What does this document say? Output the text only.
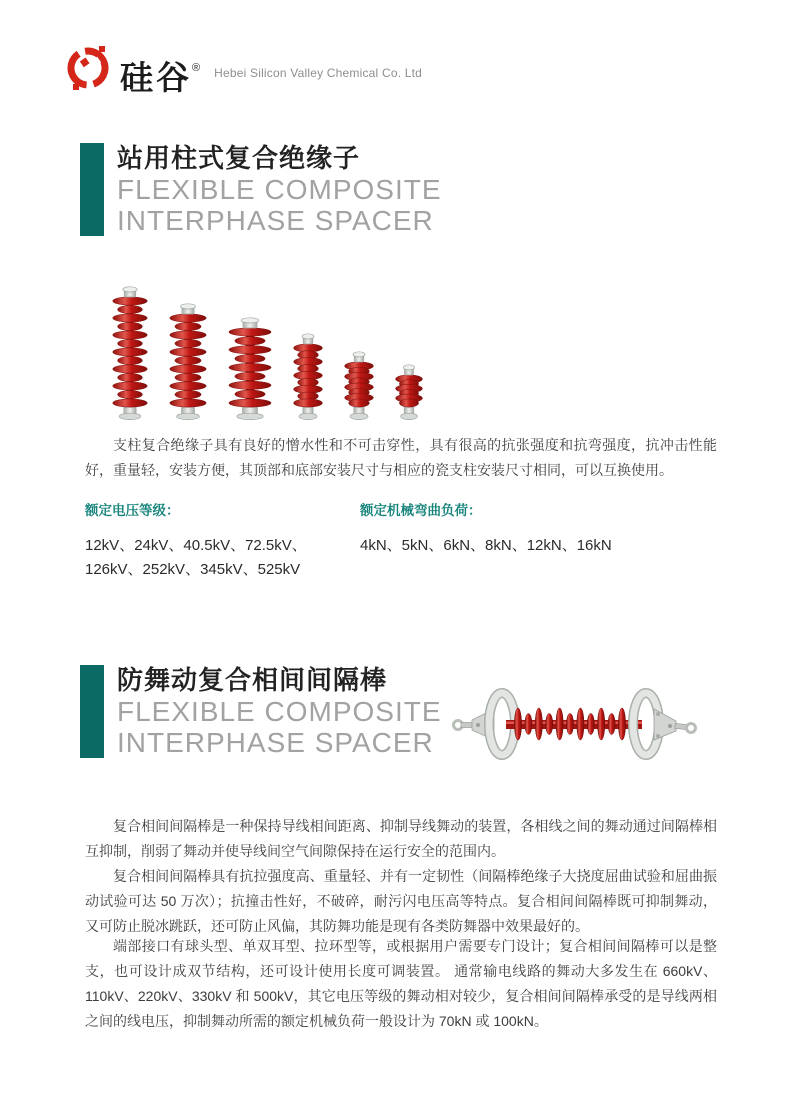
硅谷® Hebei Silicon Valley Chemical Co. Ltd

站用柱式复合绝缘子

FLEXIBLE COMPOSITE

INTERPHASE SPACER

支柱复合绝缘子具有良好的憎水性和不可击穿性，具有很高的抗张强度和抗弯强度，抗冲击性能好，重量轻，安装方便，其顶部和底部安装尺寸与相应的瓷支柱安装尺寸相同，可以互换使用。

额定电压等级：

12kV、24kV、40.5kV、72.5kV、
126kV、252kV、345kV、525kV

额定机械弯曲负荷：

4kN、5kN、6kN、8kN、12kN、16kN

防舞动复合相间间隔棒

FLEXIBLE COMPOSITE

INTERPHASE SPACER

复合相间间隔棒是一种保持导线相间距离、抑制导线舞动的装置，各相线之间的舞动通过间隔棒相互抑制，削弱了舞动并使导线间空气间隙保持在运行安全的范围内。

复合相间间隔棒具有抗拉强度高、重量轻、并有一定韧性（间隔棒绝缘子大挠度屈曲试验和屈曲振动试验可达 50 万次）；抗撞击性好，不破碎，耐污闪电压高等特点。复合相间间隔棒既可抑制舞动，又可防止脱冰跳跃，还可防止风偏，其防舞功能是现有各类防舞器中效果最好的。

端部接口有球头型、单双耳型、拉环型等，或根据用户需要专门设计；复合相间间隔棒可以是整支，也可设计成双节结构，还可设计使用长度可调装置。 通常输电线路的舞动大多发生在 660kV、110kV、220kV、330kV 和 500kV，其它电压等级的舞动相对较少，复合相间间隔棒承受的是导线两相之间的线电压，抑制舞动所需的额定机械负荷一般设计为 70kN 或 100kN。
